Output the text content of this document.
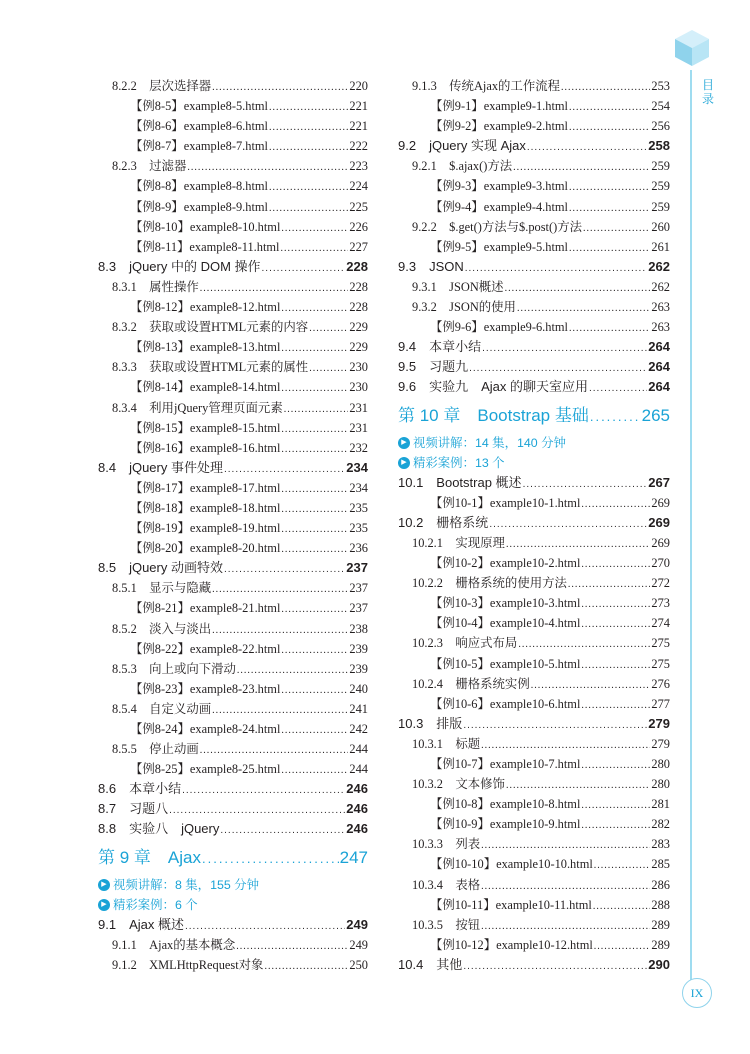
目录
IX
8.2.2　层次选择器 .....	220
【例8-5】example8-5.html .....	221
【例8-6】example8-6.html .....	221
【例8-7】example8-7.html .....	222
8.2.3　过滤器 .....	223
【例8-8】example8-8.html .....	224
【例8-9】example8-9.html .....	225
【例8-10】example8-10.html .....	226
【例8-11】example8-11.html .....	227
8.3　jQuery 中的 DOM 操作 .....	228
8.3.1　属性操作 .....	228
【例8-12】example8-12.html .....	228
8.3.2　获取或设置HTML元素的内容 .....	229
【例8-13】example8-13.html .....	229
8.3.3　获取或设置HTML元素的属性 .....	230
【例8-14】example8-14.html .....	230
8.3.4　利用jQuery管理页面元素 .....	231
【例8-15】example8-15.html .....	231
【例8-16】example8-16.html .....	232
8.4　jQuery 事件处理 .....	234
【例8-17】example8-17.html .....	234
【例8-18】example8-18.html .....	235
【例8-19】example8-19.html .....	235
【例8-20】example8-20.html .....	236
8.5　jQuery 动画特效 .....	237
8.5.1　显示与隐藏 .....	237
【例8-21】example8-21.html .....	237
8.5.2　淡入与淡出 .....	238
【例8-22】example8-22.html .....	239
8.5.3　向上或向下滑动 .....	239
【例8-23】example8-23.html .....	240
8.5.4　自定义动画 .....	241
【例8-24】example8-24.html .....	242
8.5.5　停止动画 .....	244
【例8-25】example8-25.html .....	244
8.6　本章小结 .....	246
8.7　习题八 .....	246
8.8　实验八　jQuery .....	246
第 9 章　Ajax .....	247
▶ 视频讲解：8 集，155 分钟
▶ 精彩案例：6 个
9.1　Ajax 概述 .....	249
9.1.1　Ajax的基本概念 .....	249
9.1.2　XMLHttpRequest对象 .....	250
9.1.3　传统Ajax的工作流程 .....	253
【例9-1】example9-1.html .....	254
【例9-2】example9-2.html .....	256
9.2　jQuery 实现 Ajax .....	258
9.2.1　$.ajax()方法 .....	259
【例9-3】example9-3.html .....	259
【例9-4】example9-4.html .....	259
9.2.2　$.get()方法与$.post()方法 .....	260
【例9-5】example9-5.html .....	261
9.3　JSON .....	262
9.3.1　JSON概述 .....	262
9.3.2　JSON的使用 .....	263
【例9-6】example9-6.html .....	263
9.4　本章小结 .....	264
9.5　习题九 .....	264
9.6　实验九　Ajax 的聊天室应用 .....	264
第 10 章　Bootstrap 基础 .....	265
▶ 视频讲解：14 集，140 分钟
▶ 精彩案例：13 个
10.1　Bootstrap 概述 .....	267
【例10-1】example10-1.html .....	269
10.2　栅格系统 .....	269
10.2.1　实现原理 .....	269
【例10-2】example10-2.html .....	270
10.2.2　栅格系统的使用方法 .....	272
【例10-3】example10-3.html .....	273
【例10-4】example10-4.html .....	274
10.2.3　响应式布局 .....	275
【例10-5】example10-5.html .....	275
10.2.4　栅格系统实例 .....	276
【例10-6】example10-6.html .....	277
10.3　排版 .....	279
10.3.1　标题 .....	279
【例10-7】example10-7.html .....	280
10.3.2　文本修饰 .....	280
【例10-8】example10-8.html .....	281
【例10-9】example10-9.html .....	282
10.3.3　列表 .....	283
【例10-10】example10-10.html .....	285
10.3.4　表格 .....	286
【例10-11】example10-11.html .....	288
10.3.5　按钮 .....	289
【例10-12】example10-12.html .....	289
10.4　其他 .....	290
